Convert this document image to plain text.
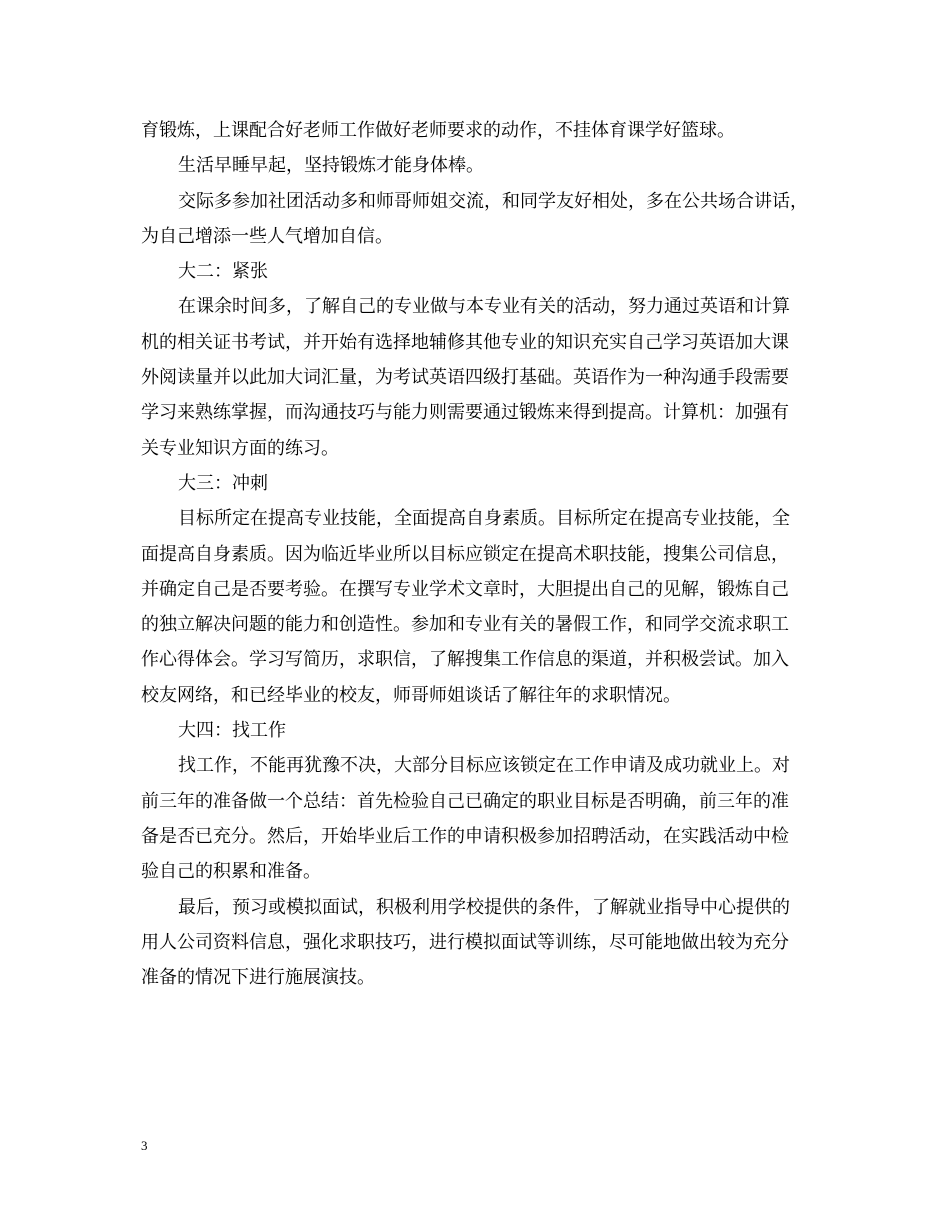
育锻炼，上课配合好老师工作做好老师要求的动作，不挂体育课学好篮球。
生活早睡早起，坚持锻炼才能身体棒。
交际多参加社团活动多和师哥师姐交流，和同学友好相处，多在公共场合讲话，
为自己增添一些人气增加自信。
大二：紧张
在课余时间多，了解自己的专业做与本专业有关的活动，努力通过英语和计算
机的相关证书考试，并开始有选择地辅修其他专业的知识充实自己学习英语加大课
外阅读量并以此加大词汇量，为考试英语四级打基础。英语作为一种沟通手段需要
学习来熟练掌握，而沟通技巧与能力则需要通过锻炼来得到提高。计算机：加强有
关专业知识方面的练习。
大三：冲刺
目标所定在提高专业技能，全面提高自身素质。目标所定在提高专业技能，全
面提高自身素质。因为临近毕业所以目标应锁定在提高术职技能，搜集公司信息，
并确定自己是否要考验。在撰写专业学术文章时，大胆提出自己的见解，锻炼自己
的独立解决问题的能力和创造性。参加和专业有关的暑假工作，和同学交流求职工
作心得体会。学习写简历，求职信，了解搜集工作信息的渠道，并积极尝试。加入
校友网络，和已经毕业的校友，师哥师姐谈话了解往年的求职情况。
大四：找工作
找工作，不能再犹豫不决，大部分目标应该锁定在工作申请及成功就业上。对
前三年的准备做一个总结：首先检验自己已确定的职业目标是否明确，前三年的准
备是否已充分。然后，开始毕业后工作的申请积极参加招聘活动，在实践活动中检
验自己的积累和准备。
最后，预习或模拟面试，积极利用学校提供的条件，了解就业指导中心提供的
用人公司资料信息，强化求职技巧，进行模拟面试等训练，尽可能地做出较为充分
准备的情况下进行施展演技。
3
